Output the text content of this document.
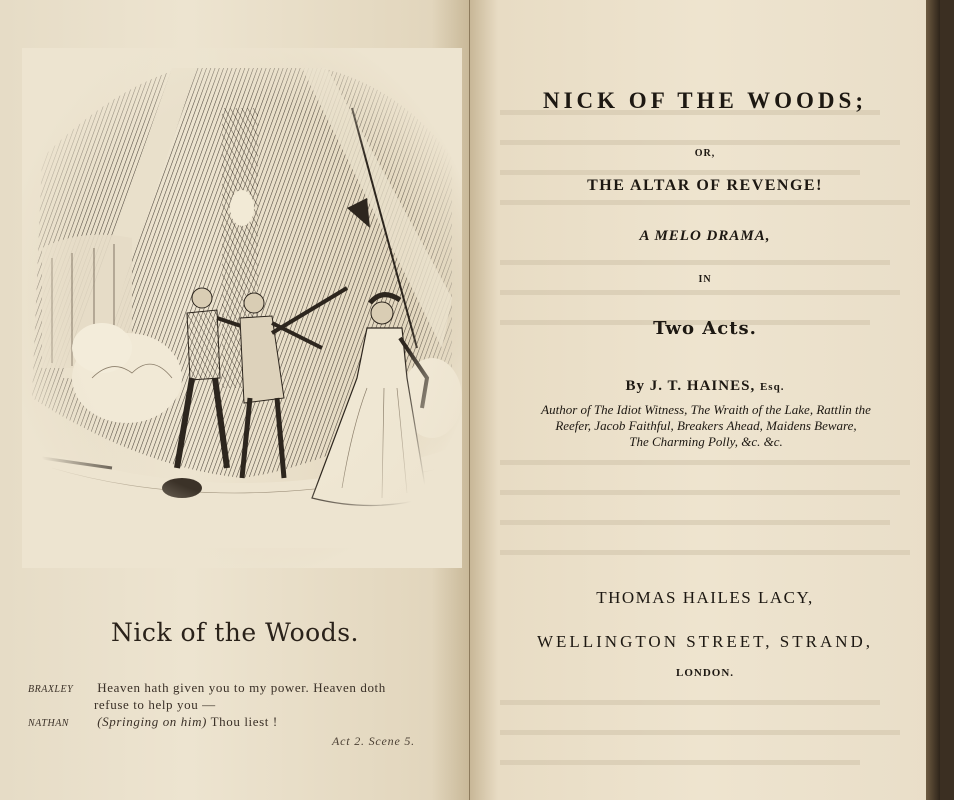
Nick of the Woods.
BRAXLEY Heaven hath given you to my power. Heaven doth
refuse to help you —
NATHAN (Springing on him) Thou liest !
Act 2. Scene 5.
NICK OF THE WOODS;
OR,
THE ALTAR OF REVENGE!
A MELO DRAMA,
IN
Two Acts.
By J. T. HAINES, Esq.
Author of The Idiot Witness, The Wraith of the Lake, Rattlin the
Reefer, Jacob Faithful, Breakers Ahead, Maidens Beware,
The Charming Polly, &c. &c.
THOMAS HAILES LACY,
WELLINGTON STREET, STRAND,
LONDON.
